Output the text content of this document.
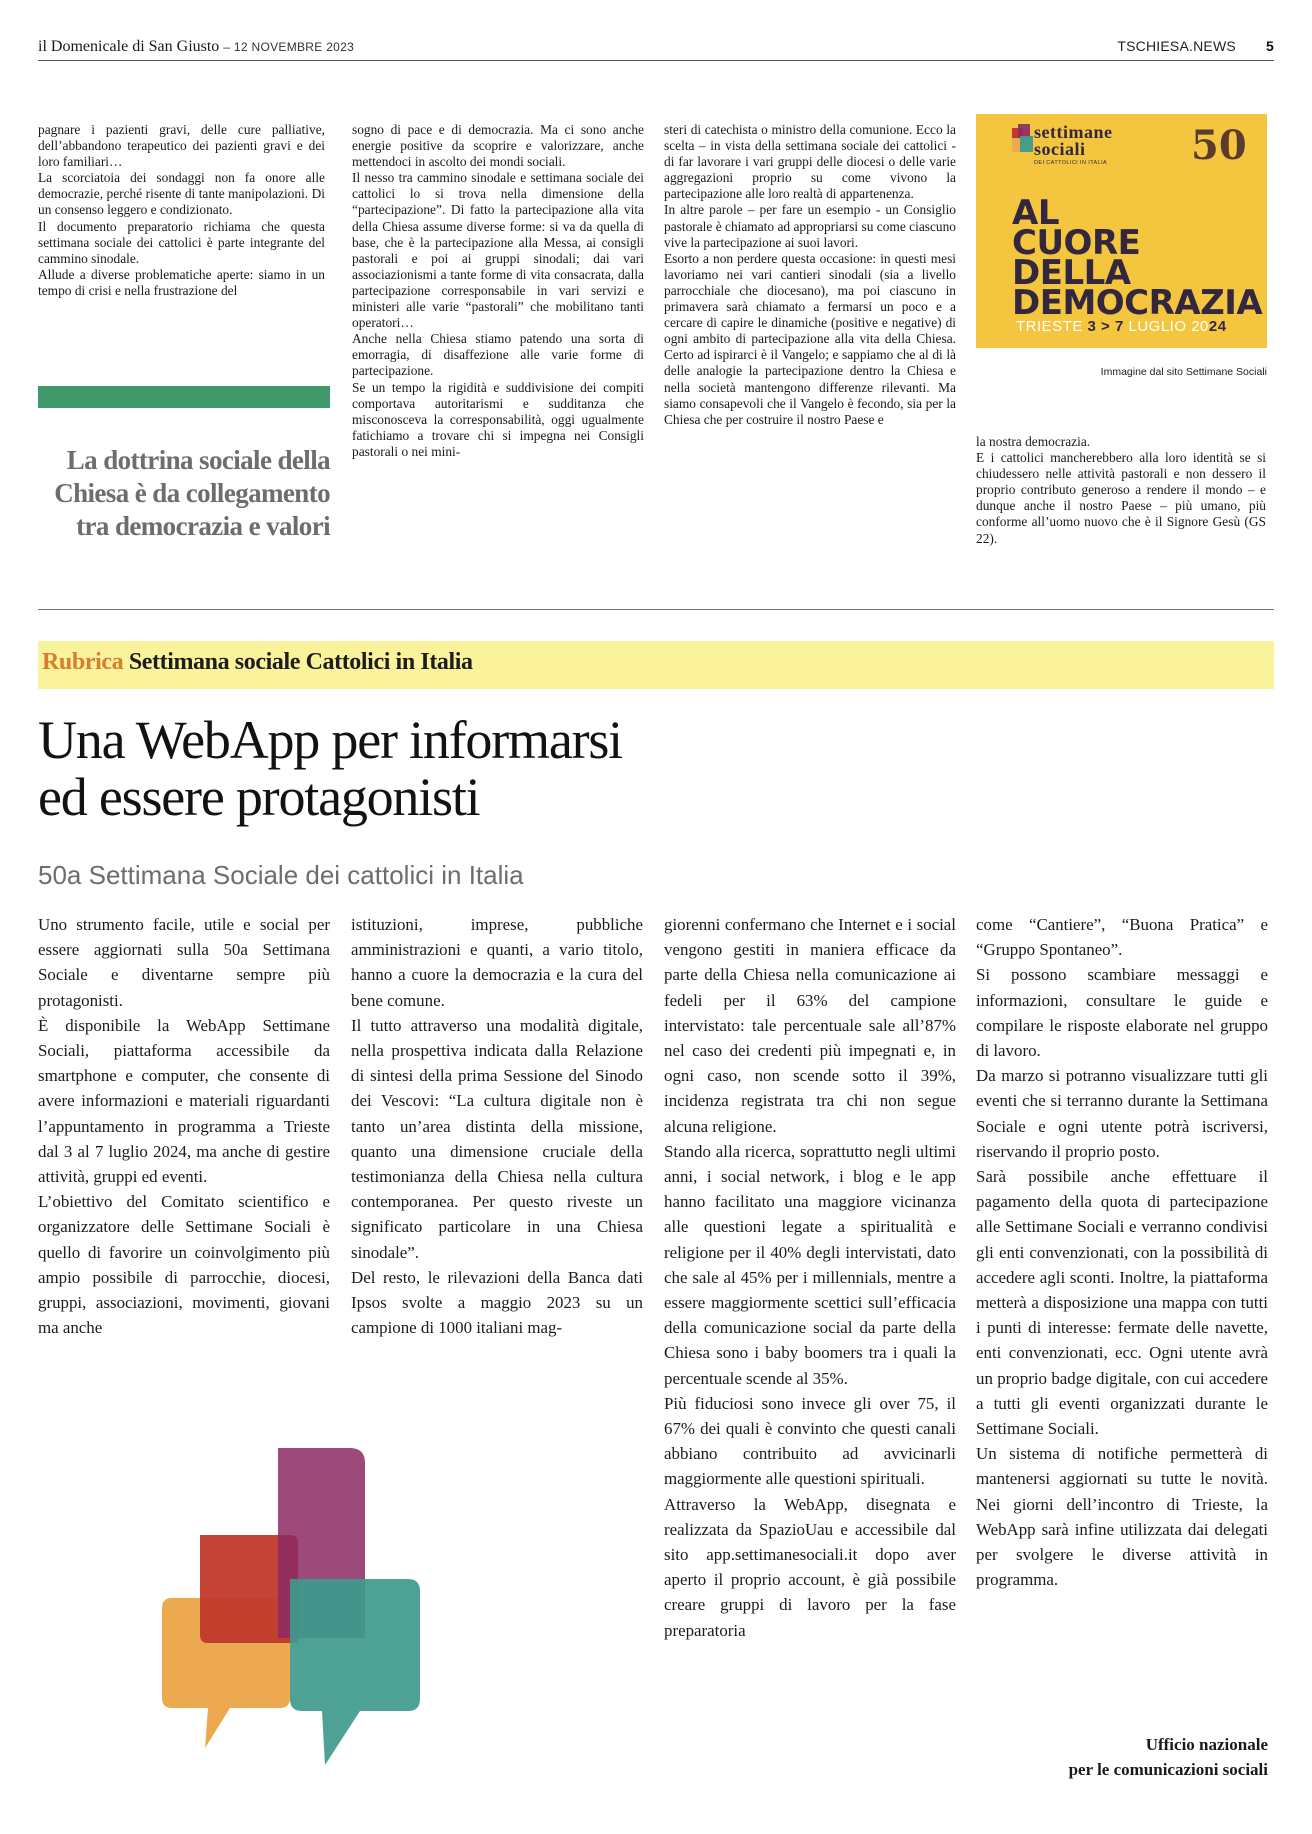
il Domenicale di San Giusto – 12 NOVEMBRE 2023	TSCHIESA.NEWS 5

pagnare i pazienti gravi, delle cure palliative, dell’abbandono terapeutico dei pazienti gravi e dei loro familiari…

La scorciatoia dei sondaggi non fa onore alle democrazie, perché risente di tante manipolazioni. Di un consenso leggero e condizionato.

Il documento preparatorio richiama che questa settimana sociale dei cattolici è parte integrante del cammino sinodale.

Allude a diverse problematiche aperte: siamo in un tempo di crisi e nella frustrazione del

La dottrina sociale della Chiesa è da collegamento tra democrazia e valori

sogno di pace e di democrazia. Ma ci sono anche energie positive da scoprire e valorizzare, anche mettendoci in ascolto dei mondi sociali.

Il nesso tra cammino sinodale e settimana sociale dei cattolici lo si trova nella dimensione della “partecipazione”. Di fatto la partecipazione alla vita della Chiesa assume diverse forme: si va da quella di base, che è la partecipazione alla Messa, ai consigli pastorali e poi ai gruppi sinodali; dai vari associazionismi a tante forme di vita consacrata, dalla partecipazione corresponsabile in vari servizi e ministeri alle varie “pastorali” che mobilitano tanti operatori…

Anche nella Chiesa stiamo patendo una sorta di emorragia, di disaffezione alle varie forme di partecipazione.

Se un tempo la rigidità e suddivisione dei compiti comportava autoritarismi e sudditanza che misconosceva la corresponsabilità, oggi ugualmente fatichiamo a trovare chi si impegna nei Consigli pastorali o nei mini-

steri di catechista o ministro della comunione. Ecco la scelta – in vista della settimana sociale dei cattolici - di far lavorare i vari gruppi delle diocesi o delle varie aggregazioni proprio su come vivono la partecipazione alle loro realtà di appartenenza.

In altre parole – per fare un esempio - un Consiglio pastorale è chiamato ad appropriarsi su come ciascuno vive la partecipazione ai suoi lavori.

Esorto a non perdere questa occasione: in questi mesi lavoriamo nei vari cantieri sinodali (sia a livello parrocchiale che diocesano), ma poi ciascuno in primavera sarà chiamato a fermarsi un poco e a cercare di capire le dinamiche (positive e negative) di ogni ambito di partecipazione alla vita della Chiesa. Certo ad ispirarci è il Vangelo; e sappiamo che al di là delle analogie la partecipazione dentro la Chiesa e nella società mantengono differenze rilevanti. Ma siamo consapevoli che il Vangelo è fecondo, sia per la Chiesa che per costruire il nostro Paese e

settimane
sociali
DEI CATTOLICI IN ITALIA 50
AL
CUORE
DELLA
DEMOCRAZIA
TRIESTE 3 > 7 LUGLIO 2024
Immagine dal sito Settimane Sociali

la nostra democrazia.

E i cattolici mancherebbero alla loro identità se si chiudessero nelle attività pastorali e non dessero il proprio contributo generoso a rendere il mondo – e dunque anche il nostro Paese – più umano, più conforme all’uomo nuovo che è il Signore Gesù (GS 22).

Rubrica Settimana sociale Cattolici in Italia
Una WebApp per informarsi
ed essere protagonisti
50a Settimana Sociale dei cattolici in Italia

Uno strumento facile, utile e social per essere aggiornati sulla 50a Settimana Sociale e diventarne sempre più protagonisti.

È disponibile la WebApp Settimane Sociali, piattaforma accessibile da smartphone e computer, che consente di avere informazioni e materiali riguardanti l’appuntamento in programma a Trieste dal 3 al 7 luglio 2024, ma anche di gestire attività, gruppi ed eventi.

L’obiettivo del Comitato scientifico e organizzatore delle Settimane Sociali è quello di favorire un coinvolgimento più ampio possibile di parrocchie, diocesi, gruppi, associazioni, movimenti, giovani ma anche

istituzioni, imprese, pubbliche amministrazioni e quanti, a vario titolo, hanno a cuore la democrazia e la cura del bene comune.

Il tutto attraverso una modalità digitale, nella prospettiva indicata dalla Relazione di sintesi della prima Sessione del Sinodo dei Vescovi: “La cultura digitale non è tanto un’area distinta della missione, quanto una dimensione cruciale della testimonianza della Chiesa nella cultura contemporanea. Per questo riveste un significato particolare in una Chiesa sinodale”.

Del resto, le rilevazioni della Banca dati Ipsos svolte a maggio 2023 su un campione di 1000 italiani mag-

giorenni confermano che Internet e i social vengono gestiti in maniera efficace da parte della Chiesa nella comunicazione ai fedeli per il 63% del campione intervistato: tale percentuale sale all’87% nel caso dei credenti più impegnati e, in ogni caso, non scende sotto il 39%, incidenza registrata tra chi non segue alcuna religione.

Stando alla ricerca, soprattutto negli ultimi anni, i social network, i blog e le app hanno facilitato una maggiore vicinanza alle questioni legate a spiritualità e religione per il 40% degli intervistati, dato che sale al 45% per i millennials, mentre a essere maggiormente scettici sull’efficacia della comunicazione social da parte della Chiesa sono i baby boomers tra i quali la percentuale scende al 35%.

Più fiduciosi sono invece gli over 75, il 67% dei quali è convinto che questi canali abbiano contribuito ad avvicinarli maggiormente alle questioni spirituali.

Attraverso la WebApp, disegnata e realizzata da SpazioUau e accessibile dal sito app.settimanesociali.it dopo aver aperto il proprio account, è già possibile creare gruppi di lavoro per la fase preparatoria

come “Cantiere”, “Buona Pratica” e “Gruppo Spontaneo”.

Si possono scambiare messaggi e informazioni, consultare le guide e compilare le risposte elaborate nel gruppo di lavoro.

Da marzo si potranno visualizzare tutti gli eventi che si terranno durante la Settimana Sociale e ogni utente potrà iscriversi, riservando il proprio posto.

Sarà possibile anche effettuare il pagamento della quota di partecipazione alle Settimane Sociali e verranno condivisi gli enti convenzionati, con la possibilità di accedere agli sconti. Inoltre, la piattaforma metterà a disposizione una mappa con tutti i punti di interesse: fermate delle navette, enti convenzionati, ecc. Ogni utente avrà un proprio badge digitale, con cui accedere a tutti gli eventi organizzati durante le Settimane Sociali.

Un sistema di notifiche permetterà di mantenersi aggiornati su tutte le novità. Nei giorni dell’incontro di Trieste, la WebApp sarà infine utilizzata dai delegati per svolgere le diverse attività in programma.

Ufficio nazionale
per le comunicazioni sociali
